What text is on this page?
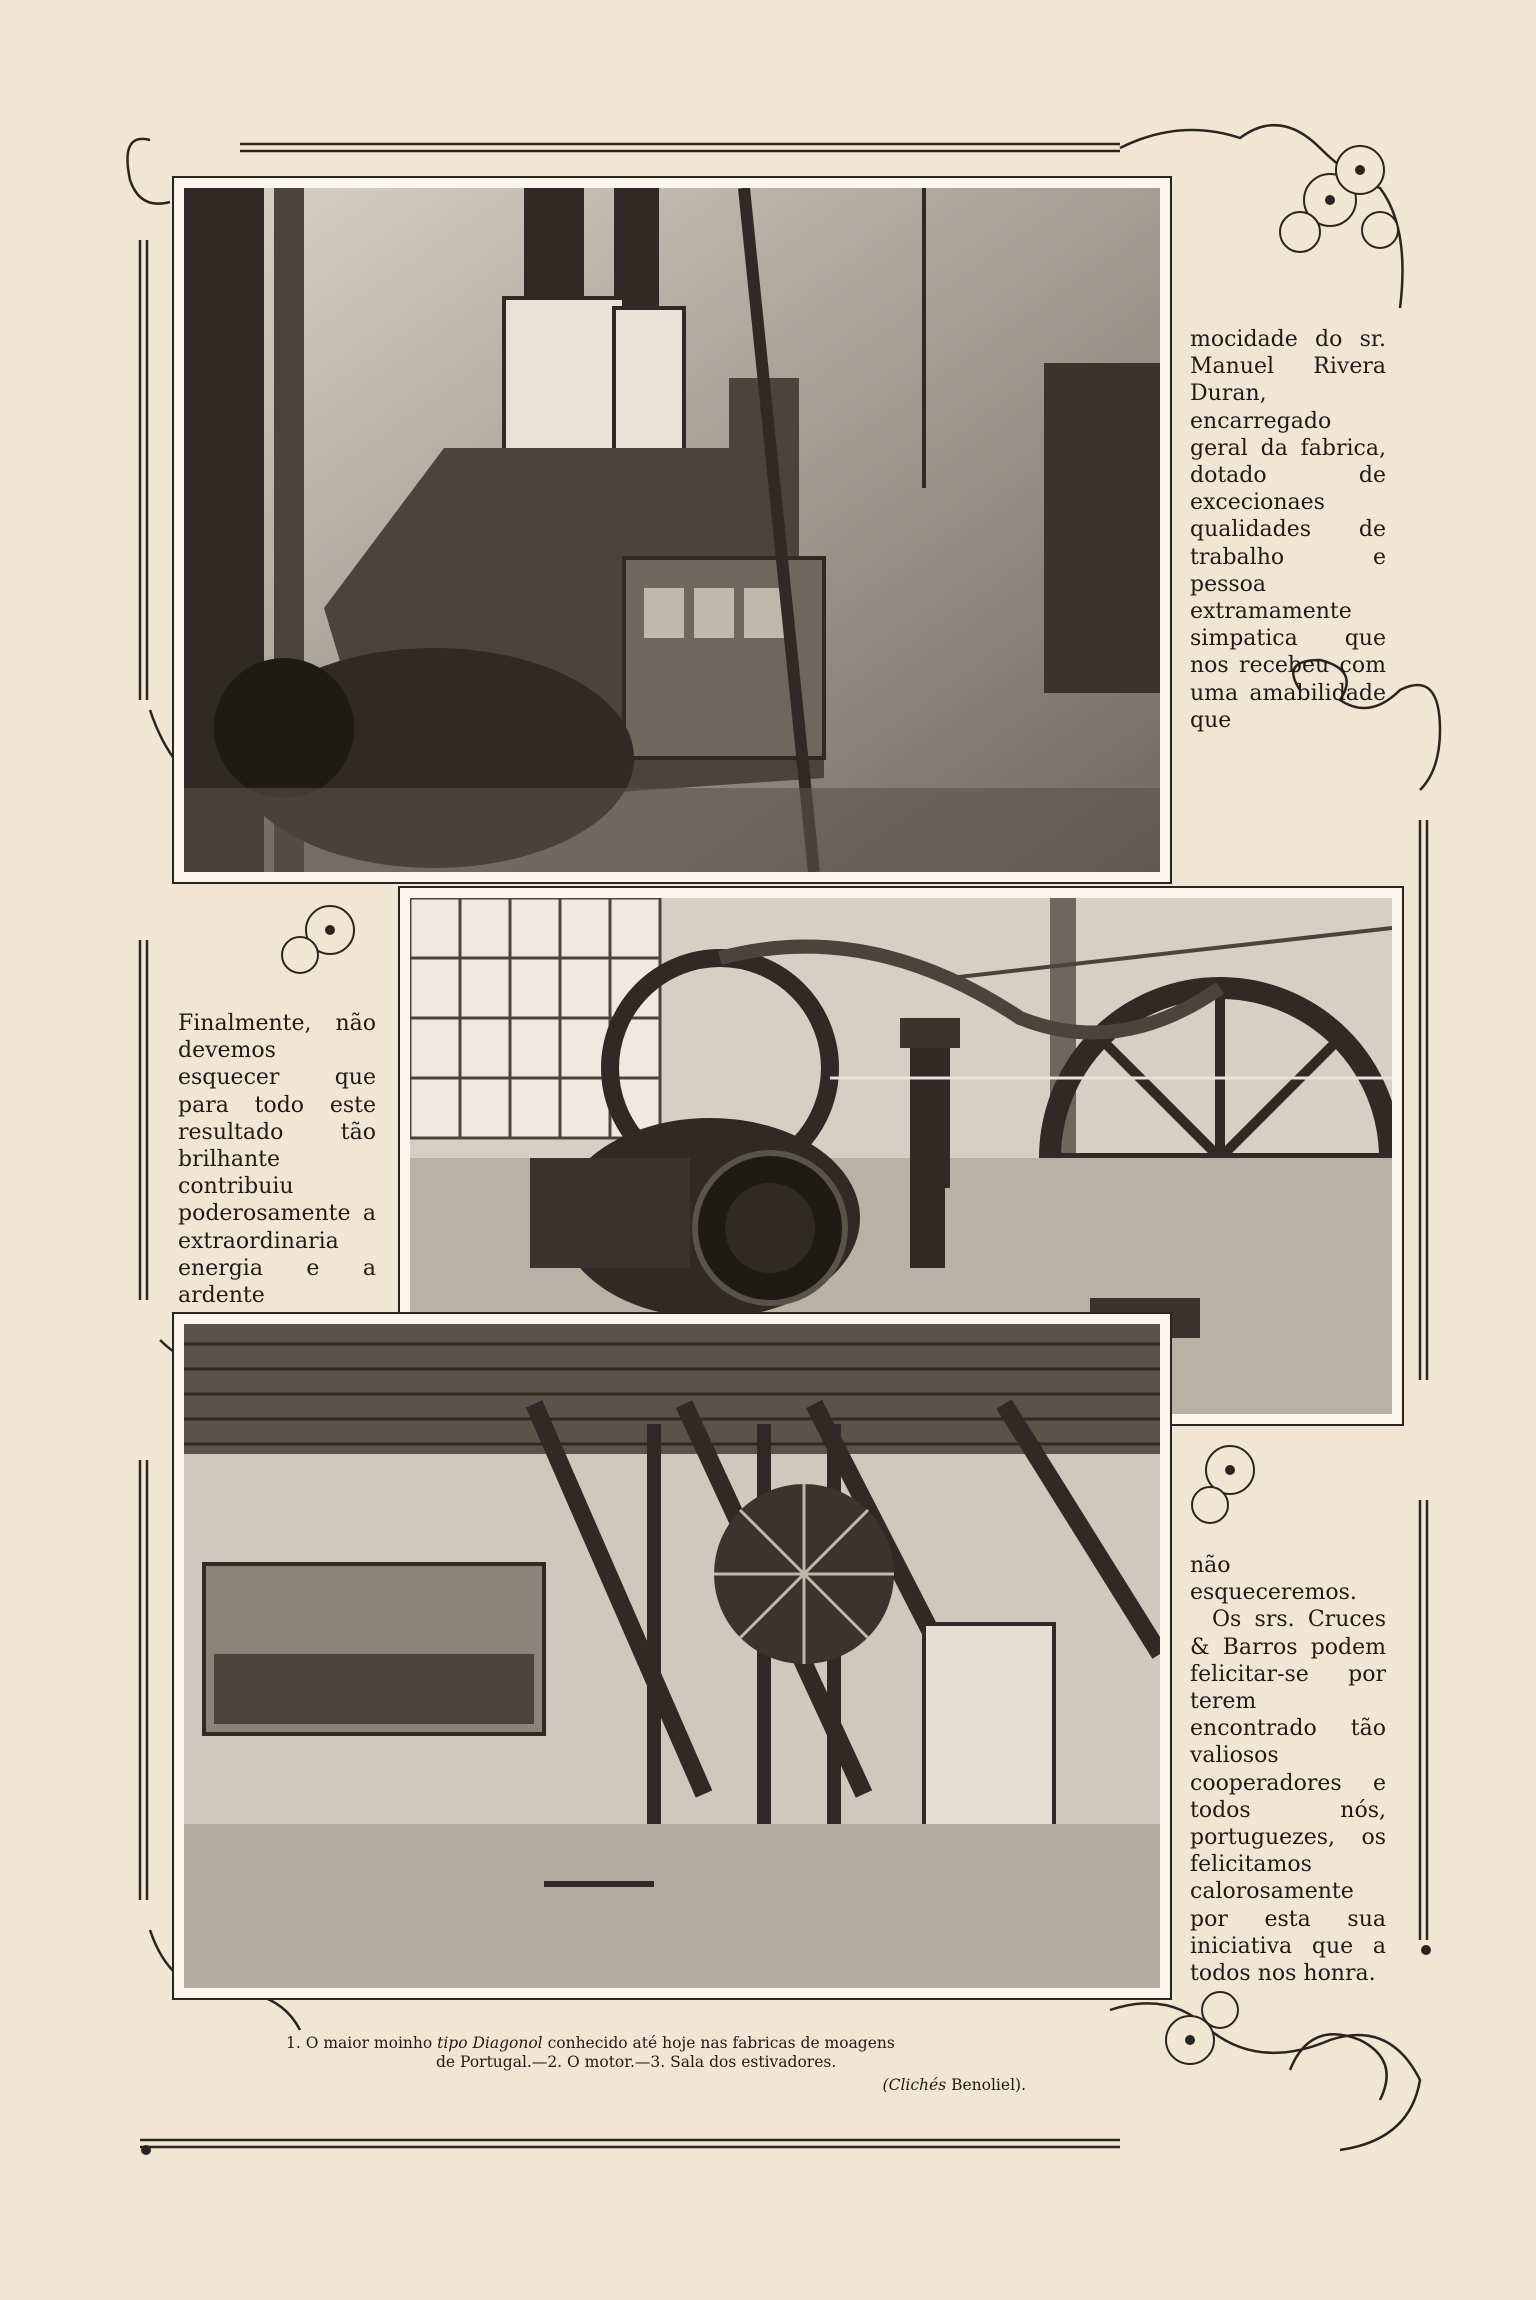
mocidade do sr. Manuel Rivera Duran, encarregado geral da fabrica, dotado de excecionaes qualidades de trabalho e pessoa extramamente simpatica que nos recebeu com uma amabilidade que

Finalmente, não devemos esquecer que para todo este resultado tão brilhante contribuiu poderosamente a extraordinaria energia e a ardente

não esqueceremos.

Os srs. Cruces & Barros podem felicitar-se por terem encontrado tão valiosos cooperadores e todos nós, portuguezes, os felicitamos calorosamente por esta sua iniciativa que a todos nos honra.

1. O maior moinho tipo Diagonol conhecido até hoje nas fabricas de moagens
de Portugal.—2. O motor.—3. Sala dos estivadores.
(Clichés Benoliel).
